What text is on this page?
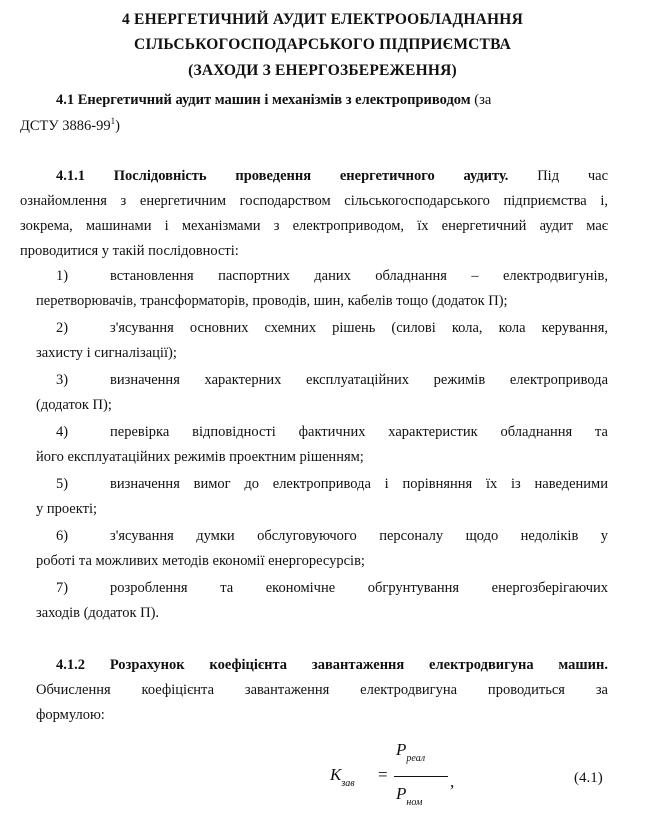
4 ЕНЕРГЕТИЧНИЙ АУДИТ ЕЛЕКТРООБЛАДНАННЯ
СІЛЬСЬКОГОСПОДАРСЬКОГО ПІДПРИЄМСТВА
(ЗАХОДИ З ЕНЕРГОЗБЕРЕЖЕННЯ)
4.1 Енергетичний аудит машин і механізмів з електроприводом (за
ДСТУ $3886-99^1$)
4.1.1 Послідовність проведення енергетичного аудиту. Під час
ознайомлення з енергетичним господарством сільськогосподарського підприємства і,
зокрема, машинами і механізмами з електроприводом, їх енергетичний аудит має
проводитися у такій послідовності:
1)	встановлення паспортних даних обладнання – електродвигунів,
перетворювачів, трансформаторів, проводів, шин, кабелів тощо (додаток П);
2)	з'ясування основних схемних рішень (силові кола, кола керування,
захисту і сигналізації);
3)	визначення характерних експлуатаційних режимів електропривода
(додаток П);
4)	перевірка відповідності фактичних характеристик обладнання та
його експлуатаційних режимів проектним рішенням;
5)	визначення вимог до електропривода і порівняння їх із наведеними
у проекті;
6)	з'ясування думки обслуговуючого персоналу щодо недоліків у
роботі та можливих методів економії енергоресурсів;
7)	розроблення та економічне обгрунтування енергозберігаючих
заходів (додаток П).
4.1.2 Розрахунок коефіцієнта завантаження електродвигуна машин.
Обчислення коефіцієнта завантаження електродвигуна проводиться за
формулою:
$K_{зав}$ =
$P_{реал}$
$P_{ном}$
,	(4.1)
